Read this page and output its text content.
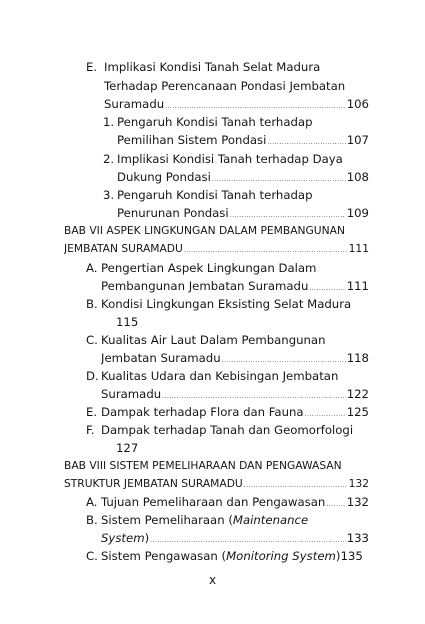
E. Implikasi Kondisi Tanah Selat Madura
Terhadap Perencanaan Pondasi Jembatan
Suramadu .....	106
1. Pengaruh Kondisi Tanah terhadap
Pemilihan Sistem Pondasi .....	107
2. Implikasi Kondisi Tanah terhadap Daya
Dukung Pondasi .....	108
3. Pengaruh Kondisi Tanah terhadap
Penurunan Pondasi .....	109
BAB VII ASPEK LINGKUNGAN DALAM PEMBANGUNAN
JEMBATAN SURAMADU .....	111
A. Pengertian Aspek Lingkungan Dalam
Pembangunan Jembatan Suramadu .....	111
B. Kondisi Lingkungan Eksisting Selat Madura
115
C. Kualitas Air Laut Dalam Pembangunan
Jembatan Suramadu .....	118
D. Kualitas Udara dan Kebisingan Jembatan
Suramadu .....	122
E. Dampak terhadap Flora dan Fauna .....	125
F. Dampak terhadap Tanah dan Geomorfologi
127
BAB VIII SISTEM PEMELIHARAAN DAN PENGAWASAN
STRUKTUR JEMBATAN SURAMADU .....	132
A. Tujuan Pemeliharaan dan Pengawasan ..... 132
B. Sistem Pemeliharaan (Maintenance
System) .....	133
C. Sistem Pengawasan (Monitoring System)135
x
